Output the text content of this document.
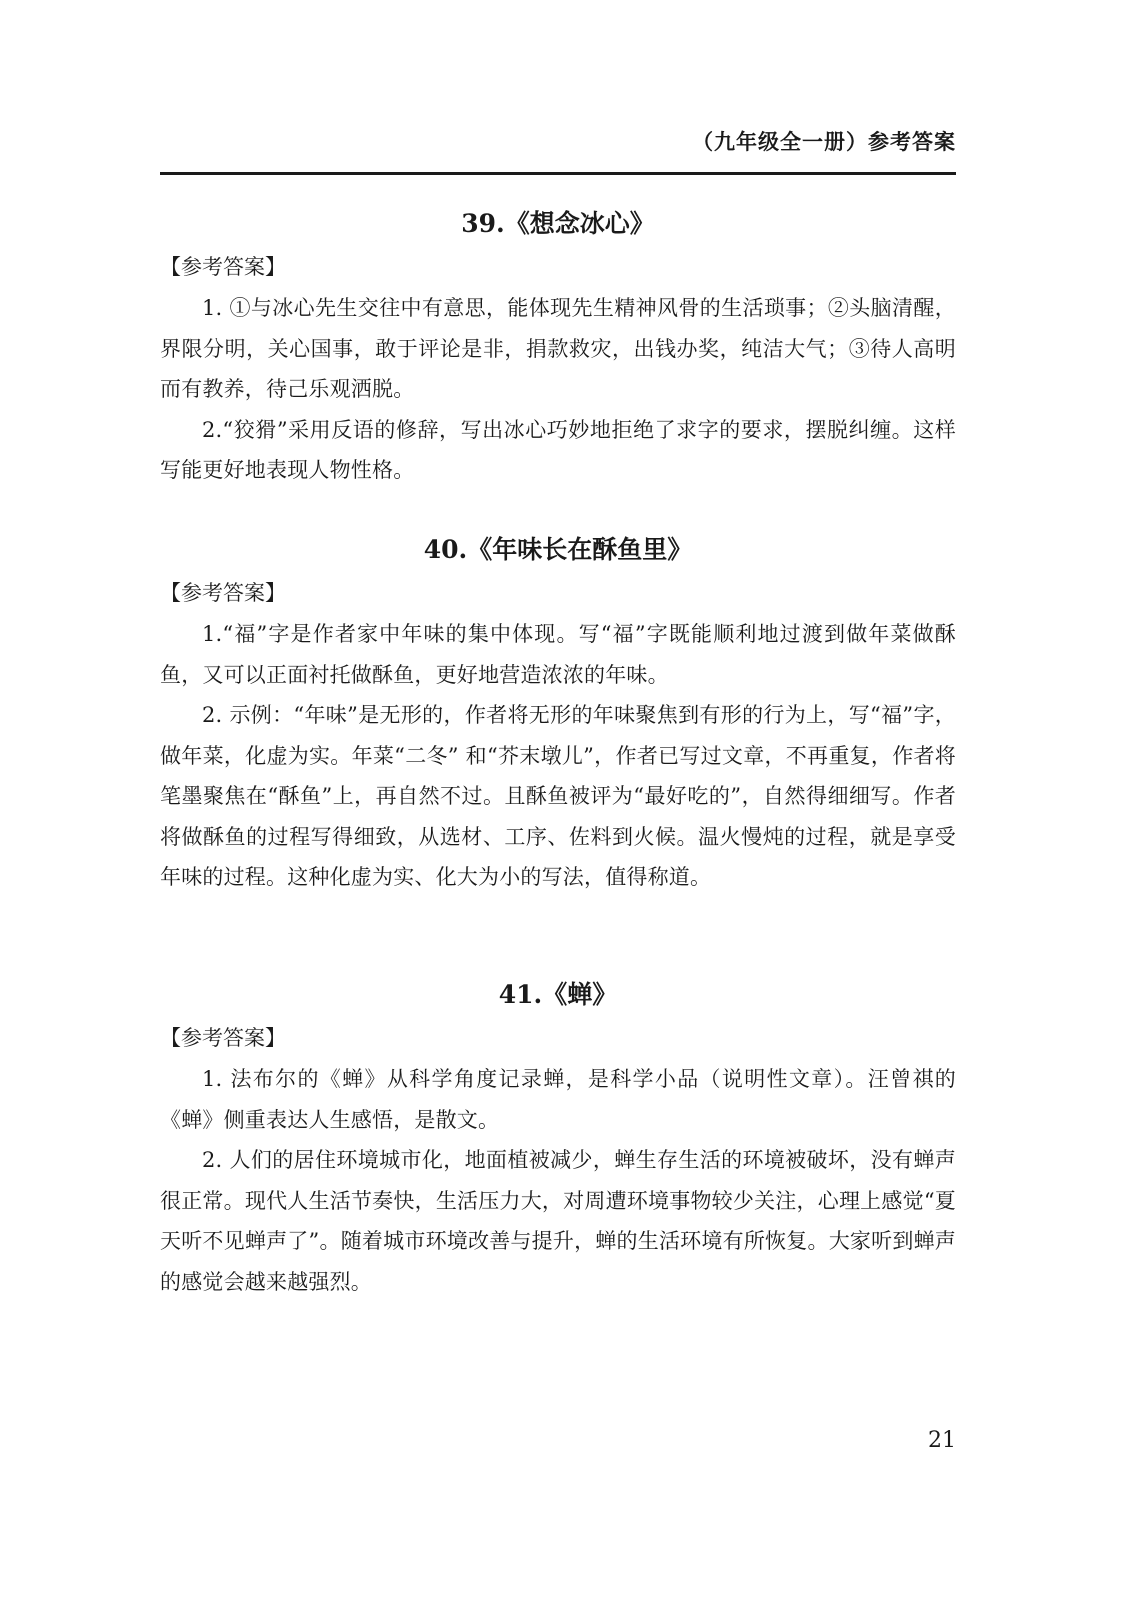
（九年级全一册）参考答案
39.《想念冰心》

【参考答案】

1. ①与冰心先生交往中有意思，能体现先生精神风骨的生活琐事；②头脑清醒，界限分明，关心国事，敢于评论是非，捐款救灾，出钱办奖，纯洁大气；③待人高明而有教养，待己乐观洒脱。

2.“狡猾”采用反语的修辞，写出冰心巧妙地拒绝了求字的要求，摆脱纠缠。这样写能更好地表现人物性格。

40.《年味长在酥鱼里》

【参考答案】

1.“福”字是作者家中年味的集中体现。写“福”字既能顺利地过渡到做年菜做酥鱼，又可以正面衬托做酥鱼，更好地营造浓浓的年味。

2. 示例：“年味”是无形的，作者将无形的年味聚焦到有形的行为上，写“福”字，做年菜，化虚为实。年菜“二冬” 和“芥末墩儿”，作者已写过文章，不再重复，作者将笔墨聚焦在“酥鱼”上，再自然不过。且酥鱼被评为“最好吃的”，自然得细细写。作者将做酥鱼的过程写得细致，从选材、工序、佐料到火候。温火慢炖的过程，就是享受年味的过程。这种化虚为实、化大为小的写法，值得称道。

41.《蝉》

【参考答案】

1. 法布尔的《蝉》从科学角度记录蝉，是科学小品（说明性文章）。汪曾祺的《蝉》侧重表达人生感悟，是散文。

2. 人们的居住环境城市化，地面植被减少，蝉生存生活的环境被破坏，没有蝉声很正常。现代人生活节奏快，生活压力大，对周遭环境事物较少关注，心理上感觉“夏天听不见蝉声了”。随着城市环境改善与提升，蝉的生活环境有所恢复。大家听到蝉声的感觉会越来越强烈。

21
